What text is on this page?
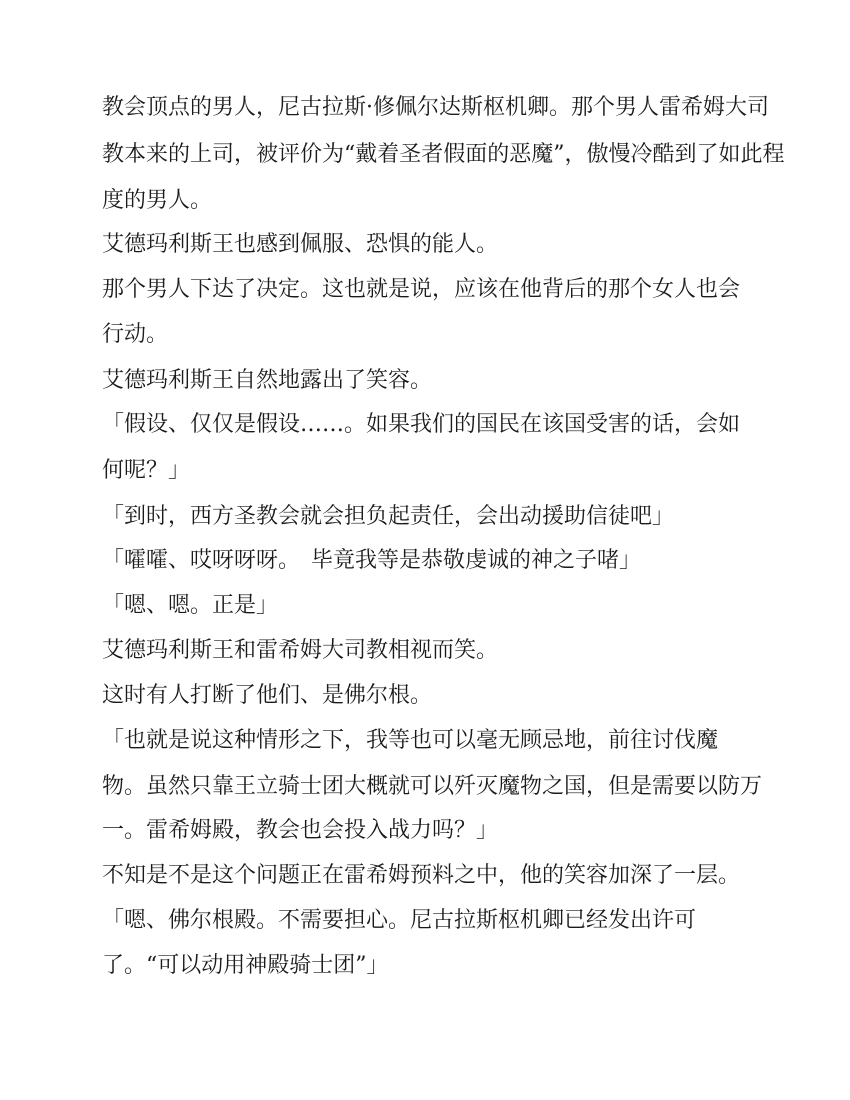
教会顶点的男人，尼古拉斯·修佩尔达斯枢机卿。那个男人雷希姆大司

教本来的上司，被评价为“戴着圣者假面的恶魔”，傲慢冷酷到了如此程

度的男人。

艾德玛利斯王也感到佩服、恐惧的能人。

那个男人下达了决定。这也就是说，应该在他背后的那个女人也会

行动。

艾德玛利斯王自然地露出了笑容。

「假设、仅仅是假设……。如果我们的国民在该国受害的话，会如

何呢？」

「到时，西方圣教会就会担负起责任，会出动援助信徒吧」

「嚯嚯、哎呀呀呀。　毕竟我等是恭敬虔诚的神之子啫」

「嗯、嗯。正是」

艾德玛利斯王和雷希姆大司教相视而笑。

这时有人打断了他们、是佛尔根。

「也就是说这种情形之下，我等也可以毫无顾忌地，前往讨伐魔

物。虽然只靠王立骑士团大概就可以歼灭魔物之国，但是需要以防万

一。雷希姆殿，教会也会投入战力吗？」

不知是不是这个问题正在雷希姆预料之中，他的笑容加深了一层。

「嗯、佛尔根殿。不需要担心。尼古拉斯枢机卿已经发出许可

了。“可以动用神殿骑士团”」
